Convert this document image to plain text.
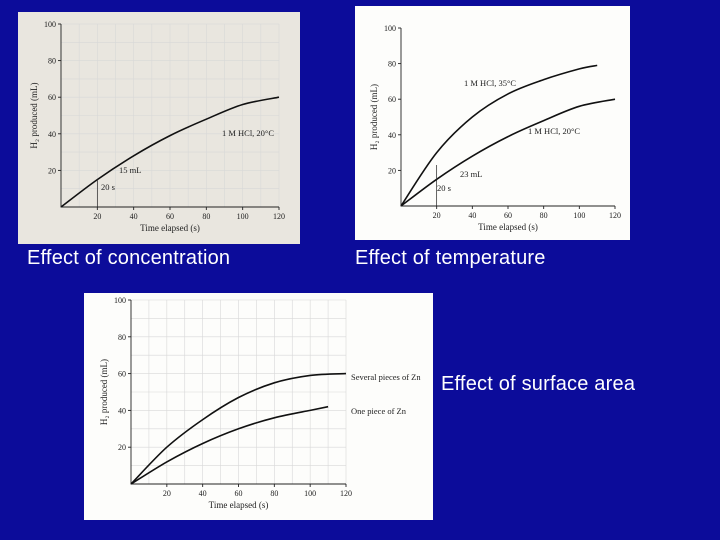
20	40	60	80	100	120
20
40
60
80
100
Time elapsed (s)
H₂ produced (mL)	1 M HCl, 20°C
20 s
15 mL
20	40	60	80	100	120
20
40
60
80
100
Time elapsed (s)
H₂ produced (mL)
1 M HCl, 35°C
1 M HCl, 20°C
23 mL
20 s
20	40	60	80	100	120
20
40
60
80
100
Time elapsed (s)
H₂ produced (mL)	Several pieces of Zn
One piece of Zn
Effect of concentration	Effect of temperature
Effect of surface area
